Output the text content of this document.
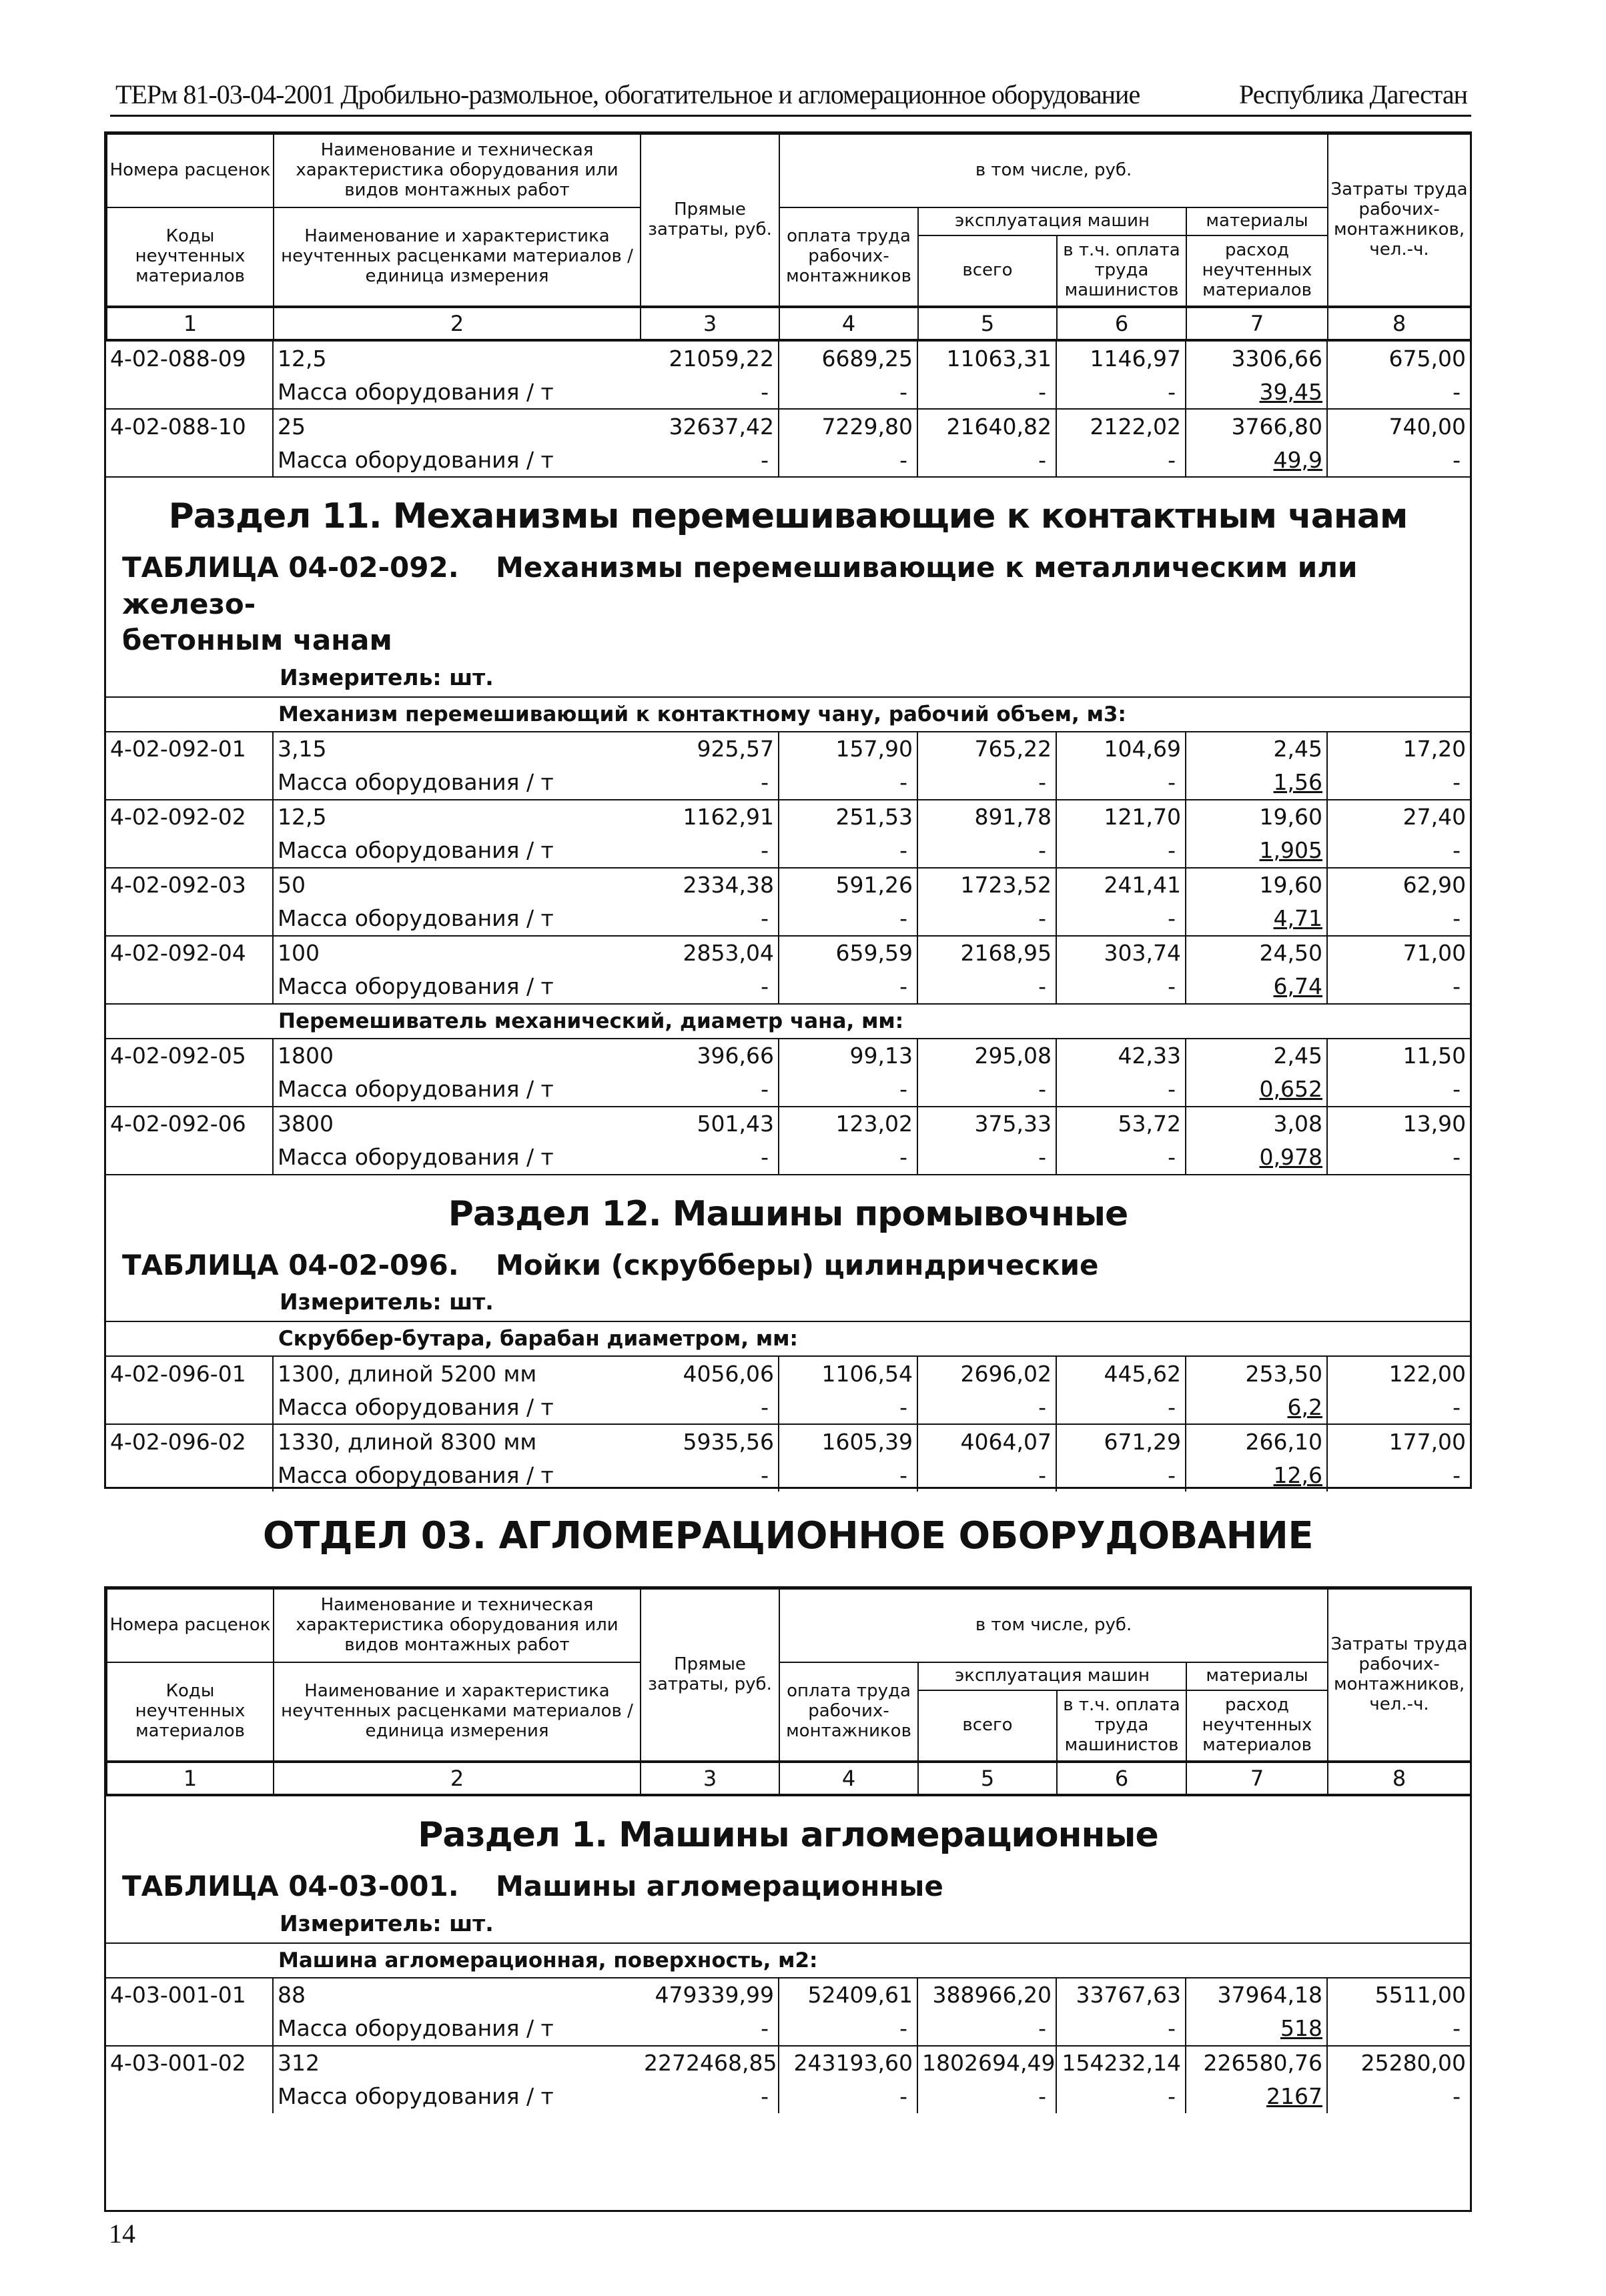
ТЕРм 81-03-04-2001 Дробильно-размольное, обогатительное и агломерационное оборудование	Республика Дагестан
Номера расценок	Наименование и техническая характеристика оборудования или видов монтажных работ	Прямые затраты, руб.	в том числе, руб.				Затраты труда рабочих-монтажников, чел.-ч.
Коды неучтенных материалов	Наименование и характеристика неучтенных расценками материалов / единица измерения		оплата труда рабочих-монтажников	эксплуатация машин		материалы	
				всего	в т.ч. оплата труда машинистов	расход неучтенных материалов	
1	2	3	4	5	6	7	8
4-02-088-09	12,5	21059,22	6689,25	11063,31	1146,97	3306,66	675,00
	Масса оборудования / т	-	-	-	-	39,45	-
4-02-088-10	25	32637,42	7229,80	21640,82	2122,02	3766,80	740,00
	Масса оборудования / т	-	-	-	-	49,9	-
Раздел 11. Механизмы перемешивающие к контактным чанам
ТАБЛИЦА 04-02-092. Механизмы перемешивающие к металлическим или железо-
бетонным чанам
Измеритель: шт.
	Механизм перемешивающий к контактному чану, рабочий объем, м3:						
4-02-092-01	3,15	925,57	157,90	765,22	104,69	2,45	17,20
	Масса оборудования / т	-	-	-	-	1,56	-
4-02-092-02	12,5	1162,91	251,53	891,78	121,70	19,60	27,40
	Масса оборудования / т	-	-	-	-	1,905	-
4-02-092-03	50	2334,38	591,26	1723,52	241,41	19,60	62,90
	Масса оборудования / т	-	-	-	-	4,71	-
4-02-092-04	100	2853,04	659,59	2168,95	303,74	24,50	71,00
	Масса оборудования / т	-	-	-	-	6,74	-
	Перемешиватель механический, диаметр чана, мм:						
4-02-092-05	1800	396,66	99,13	295,08	42,33	2,45	11,50
	Масса оборудования / т	-	-	-	-	0,652	-
4-02-092-06	3800	501,43	123,02	375,33	53,72	3,08	13,90
	Масса оборудования / т	-	-	-	-	0,978	-
Раздел 12. Машины промывочные
ТАБЛИЦА 04-02-096. Мойки (скрубберы) цилиндрические
Измеритель: шт.
	Скруббер-бутара, барабан диаметром, мм:						
4-02-096-01	1300, длиной 5200 мм	4056,06	1106,54	2696,02	445,62	253,50	122,00
	Масса оборудования / т	-	-	-	-	6,2	-
4-02-096-02	1330, длиной 8300 мм	5935,56	1605,39	4064,07	671,29	266,10	177,00
	Масса оборудования / т	-	-	-	-	12,6	-
ОТДЕЛ 03. АГЛОМЕРАЦИОННОЕ ОБОРУДОВАНИЕ
Номера расценок	Наименование и техническая характеристика оборудования или видов монтажных работ	Прямые затраты, руб.	в том числе, руб.				Затраты труда рабочих-монтажников, чел.-ч.
Коды неучтенных материалов	Наименование и характеристика неучтенных расценками материалов / единица измерения		оплата труда рабочих-монтажников	эксплуатация машин		материалы	
				всего	в т.ч. оплата труда машинистов	расход неучтенных материалов	
1	2	3	4	5	6	7	8
Раздел 1. Машины агломерационные
ТАБЛИЦА 04-03-001. Машины агломерационные
Измеритель: шт.
	Машина агломерационная, поверхность, м2:						
4-03-001-01	88	479339,99	52409,61	388966,20	33767,63	37964,18	5511,00
	Масса оборудования / т	-	-	-	-	518	-
4-03-001-02	312	2272468,85	243193,60	1802694,49	154232,14	226580,76	25280,00
	Масса оборудования / т	-	-	-	-	2167	-
14
